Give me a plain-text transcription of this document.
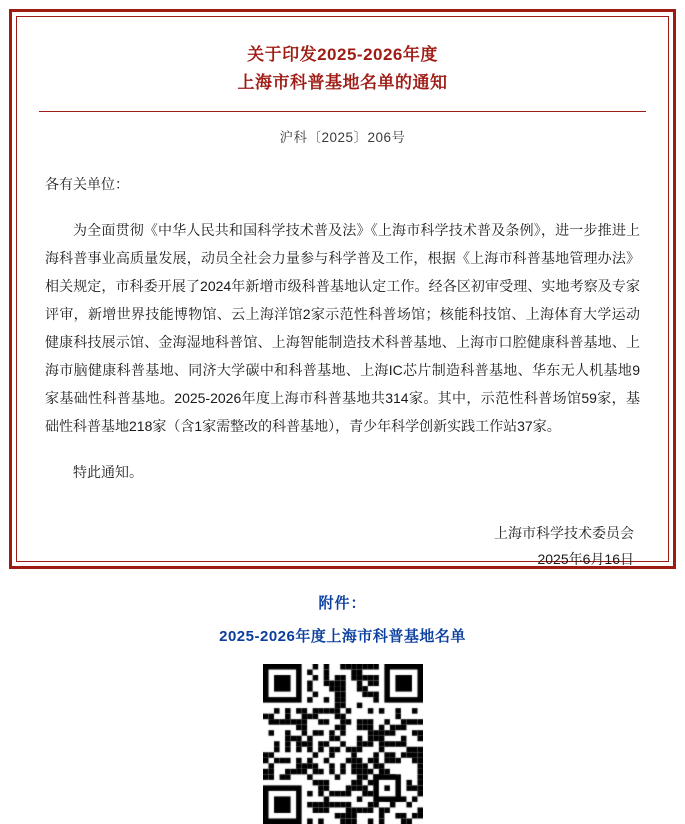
关于印发2025-2026年度
上海市科普基地名单的通知
沪科〔2025〕206号

各有关单位：

为全面贯彻《中华人民共和国科学技术普及法》《上海市科学技术普及条例》，进一步推进上海科普事业高质量发展，动员全社会力量参与科学普及工作，根据《上海市科普基地管理办法》相关规定，市科委开展了2024年新增市级科普基地认定工作。经各区初审受理、实地考察及专家评审，新增世界技能博物馆、云上海洋馆2家示范性科普场馆；核能科技馆、上海体育大学运动健康科技展示馆、金海湿地科普馆、上海智能制造技术科普基地、上海市口腔健康科普基地、上海市脑健康科普基地、同济大学碳中和科普基地、上海IC芯片制造科普基地、华东无人机基地9家基础性科普基地。2025-2026年度上海市科普基地共314家。其中，示范性科普场馆59家，基础性科普基地218家（含1家需整改的科普基地），青少年科学创新实践工作站37家。

特此通知。

上海市科学技术委员会
2025年6月16日
附件：
2025-2026年度上海市科普基地名单
